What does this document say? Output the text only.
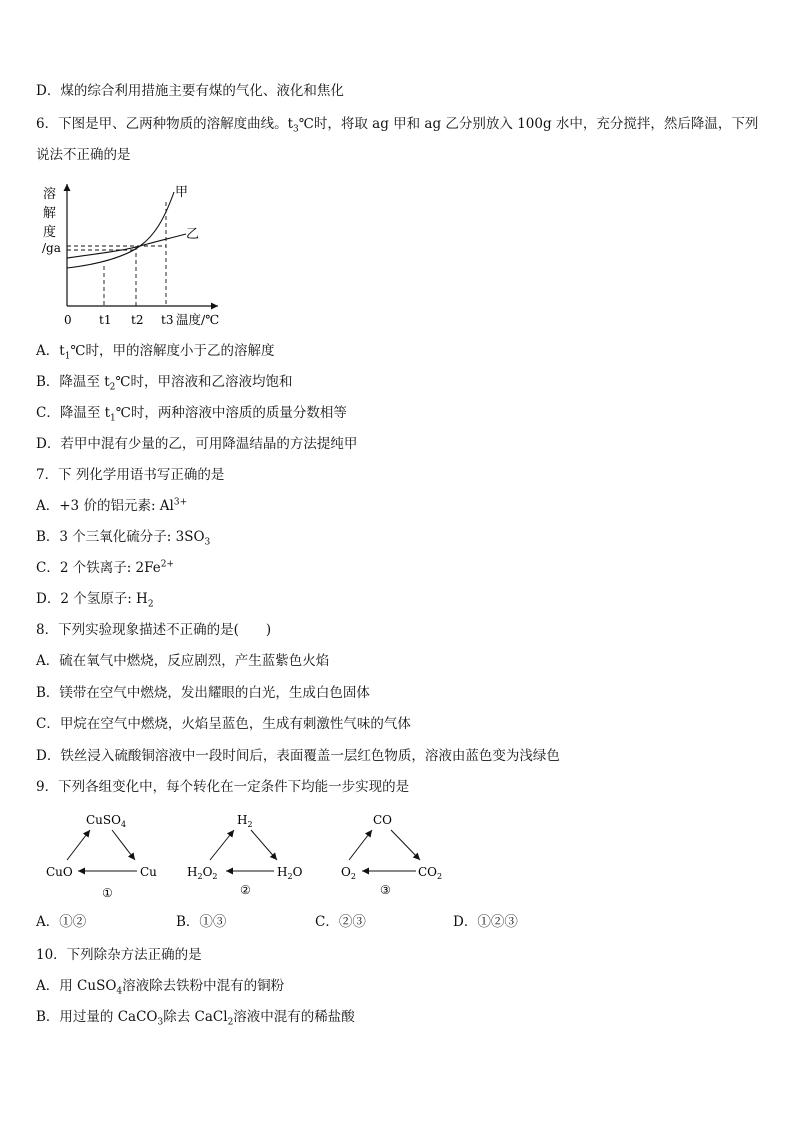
D．煤的综合利用措施主要有煤的气化、液化和焦化
6．下图是甲、乙两种物质的溶解度曲线。$t_3℃$时，将取 ag 甲和 ag 乙分别放入 100g 水中，充分搅拌，然后降温，下列
说法不正确的是
溶
解
度
/ga
甲
乙
0 t1 t2 t3 温度/℃
A．$t_1℃$时，甲的溶解度小于乙的溶解度
B．降温至 $t_2℃$时，甲溶液和乙溶液均饱和
C．降温至 $t_1℃$时，两种溶液中溶质的质量分数相等
D．若甲中混有少量的乙，可用降温结晶的方法提纯甲
7．下 列化学用语书写正确的是
A．+3 价的铝元素: $Al^{3+}$
B．3 个三氧化硫分子: $3SO_3$
C．2 个铁离子: $2Fe^{2+}$
D．2 个氢原子: $H_2$
8．下列实验现象描述不正确的是(　　)
A．硫在氧气中燃烧，反应剧烈，产生蓝紫色火焰
B．镁带在空气中燃烧，发出耀眼的白光，生成白色固体
C．甲烷在空气中燃烧，火焰呈蓝色，生成有刺激性气味的气体
D．铁丝浸入硫酸铜溶液中一段时间后，表面覆盖一层红色物质，溶液由蓝色变为浅绿色
9．下列各组变化中，每个转化在一定条件下均能一步实现的是
CuSO$_4$
CuO	Cu
①
$H_2$
$H_2O_2$	$H_2O$
②
CO
$O_2$	$CO_2$
③
A．①②	B．①③	C．②③	D．①②③
10．下列除杂方法正确的是
A．用 CuSO$_4$溶液除去铁粉中混有的铜粉
B．用过量的 CaCO$_3$除去 CaCl$_2$溶液中混有的稀盐酸
